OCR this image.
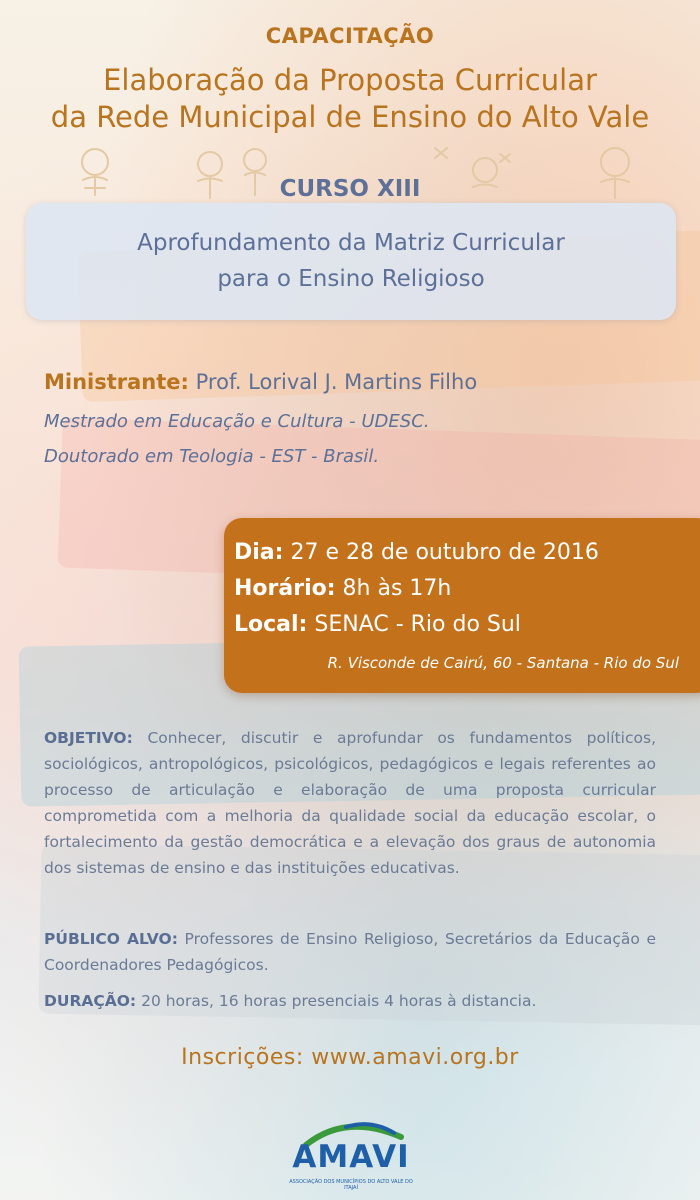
CAPACITAÇÃO
Elaboração da Proposta Curricular
da Rede Municipal de Ensino do Alto Vale
CURSO XIII
Aprofundamento da Matriz Curricular
para o Ensino Religioso
Ministrante: Prof. Lorival J. Martins Filho
Mestrado em Educação e Cultura - UDESC.
Doutorado em Teologia - EST - Brasil.
Dia: 27 e 28 de outubro de 2016
Horário: 8h às 17h
Local: SENAC - Rio do Sul
R. Visconde de Cairú, 60 - Santana - Rio do Sul
OBJETIVO: Conhecer, discutir e aprofundar os fundamentos políticos, sociológicos, antropológicos, psicológicos, pedagógicos e legais referentes ao processo de articulação e elaboração de uma proposta curricular comprometida com a melhoria da qualidade social da educação escolar, o fortalecimento da gestão democrática e a elevação dos graus de autonomia dos sistemas de ensino e das instituições educativas.
PÚBLICO ALVO: Professores de Ensino Religioso, Secretários da Educação e Coordenadores Pedagógicos.
DURAÇÃO: 20 horas, 16 horas presenciais 4 horas à distancia.
Inscrições: www.amavi.org.br
AMAVI
ASSOCIAÇÃO DOS MUNICÍPIOS DO ALTO VALE DO ITAJAÍ
